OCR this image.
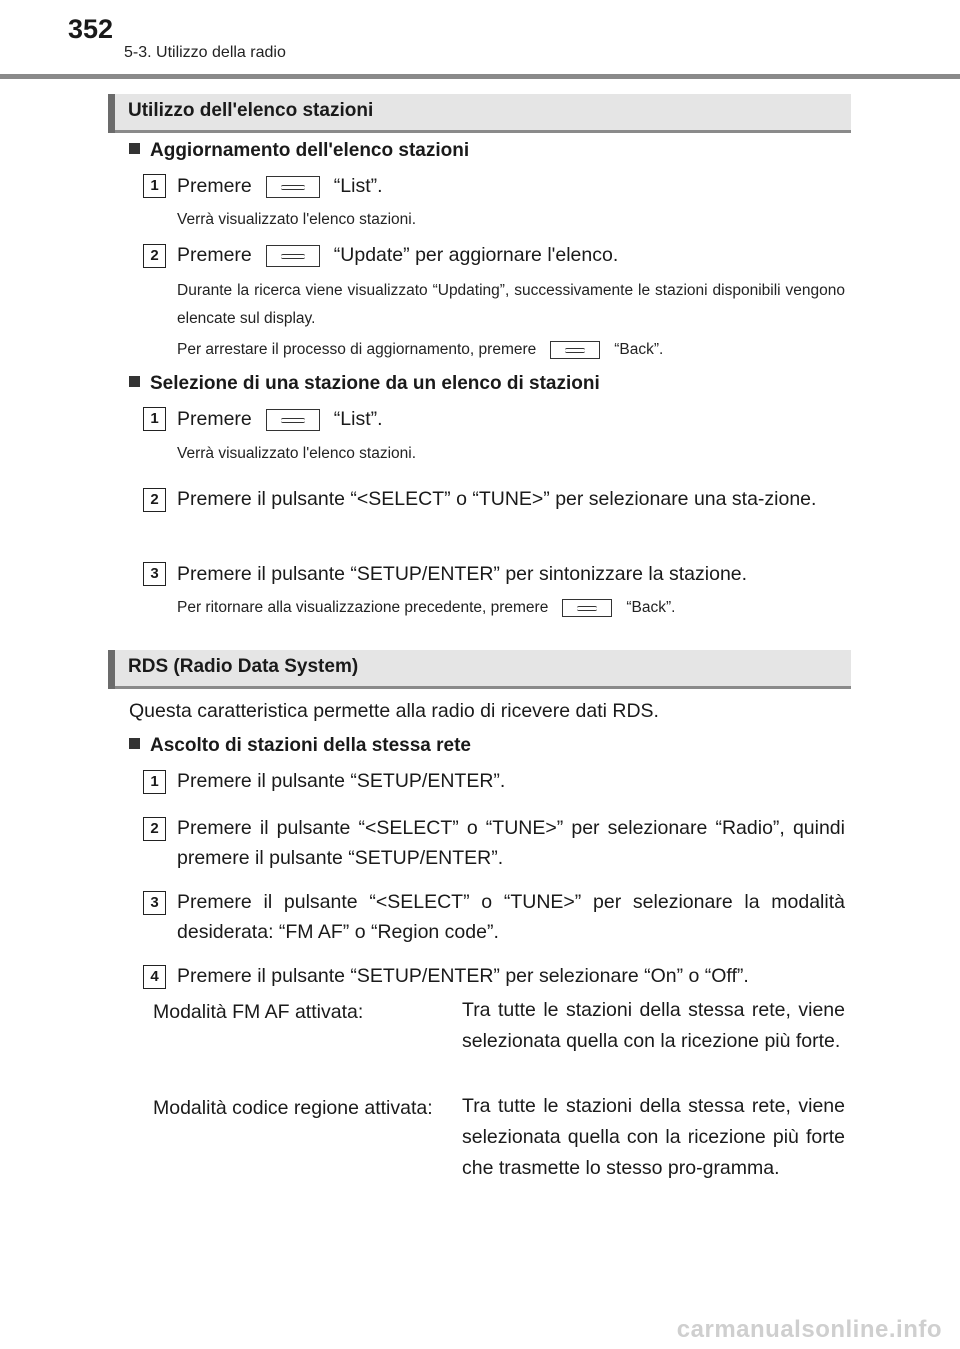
352
5-3. Utilizzo della radio
Utilizzo dell'elenco stazioni
Aggiornamento dell'elenco stazioni
1 Premere	“List”.
Verrà visualizzato l'elenco stazioni.
2 Premere	“Update” per aggiornare l'elenco.
Durante la ricerca viene visualizzato “Updating”, successivamente le stazioni disponibili vengono elencate sul display.
Per arrestare il processo di aggiornamento, premere	“Back”.
Selezione di una stazione da un elenco di stazioni
1 Premere	“List”.
Verrà visualizzato l'elenco stazioni.
2 Premere il pulsante “<SELECT” o “TUNE>” per selezionare una sta-zione.
3 Premere il pulsante “SETUP/ENTER” per sintonizzare la stazione.
Per ritornare alla visualizzazione precedente, premere	“Back”.
RDS (Radio Data System)
Questa caratteristica permette alla radio di ricevere dati RDS.
Ascolto di stazioni della stessa rete
1 Premere il pulsante “SETUP/ENTER”.
2 Premere il pulsante “<SELECT” o “TUNE>” per selezionare “Radio”, quindi premere il pulsante “SETUP/ENTER”.
3 Premere il pulsante “<SELECT” o “TUNE>” per selezionare la modalità desiderata: “FM AF” o “Region code”.
4 Premere il pulsante “SETUP/ENTER” per selezionare “On” o “Off”.
Modalità FM AF attivata:	Tra tutte le stazioni della stessa rete, viene selezionata quella con la ricezione più forte.
Modalità codice regione attivata: Tra tutte le stazioni della stessa rete, viene selezionata quella con la ricezione più forte che trasmette lo stesso pro-gramma.
carmanualsonline.info
